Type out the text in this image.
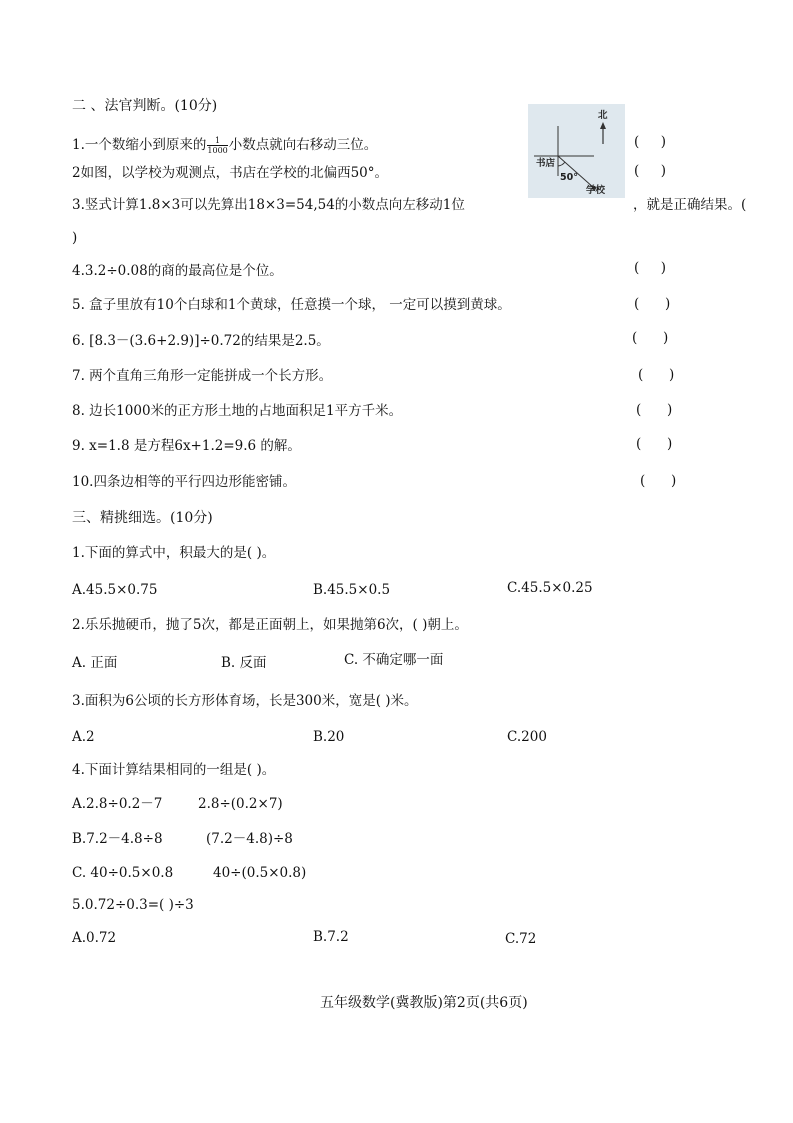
二 、法官判断。(10分)
1.一个数缩小到原来的 $\frac{1}{1000}$ 小数点就向右移动三位。	(     )
2如图，以学校为观测点，书店在学校的北偏西50°。	(     )
3.竖式计算1.8×3可以先算出18×3=54,54的小数点向左移动1位	，就是正确结果。(
)
4.3.2÷0.08的商的最高位是个位。	(     )
5. 盒子里放有10个白球和1个黄球，任意摸一个球， 一定可以摸到黄球。	(      )
6. [8.3－(3.6+2.9)]÷0.72的结果是2.5。	(      )
7. 两个直角三角形一定能拼成一个长方形。	(      )
8. 边长1000米的正方形土地的占地面积足1平方千米。	(      )
9. x=1.8 是方程6x+1.2=9.6 的解。	(      )
10.四条边相等的平行四边形能密铺。	(      )
北
书店
50°
学校
三、精挑细选。(10分)
1.下面的算式中，积最大的是( )。
A.45.5×0.75	B.45.5×0.5	C.45.5×0.25
2.乐乐抛硬币，抛了5次，都是正面朝上，如果抛第6次，( )朝上。
A. 正面	B. 反面	C. 不确定哪一面
3.面积为6公顷的长方形体育场，长是300米，宽是( )米。
A.2	B.20	C.200
4.下面计算结果相同的一组是( )。
A.2.8÷0.2－7	2.8÷(0.2×7)
B.7.2－4.8÷8	(7.2－4.8)÷8
C. 40÷0.5×0.8	40÷(0.5×0.8)
5.0.72÷0.3=( )÷3
A.0.72	B.7.2	C.72
五年级数学(冀教版)第2页(共6页)
